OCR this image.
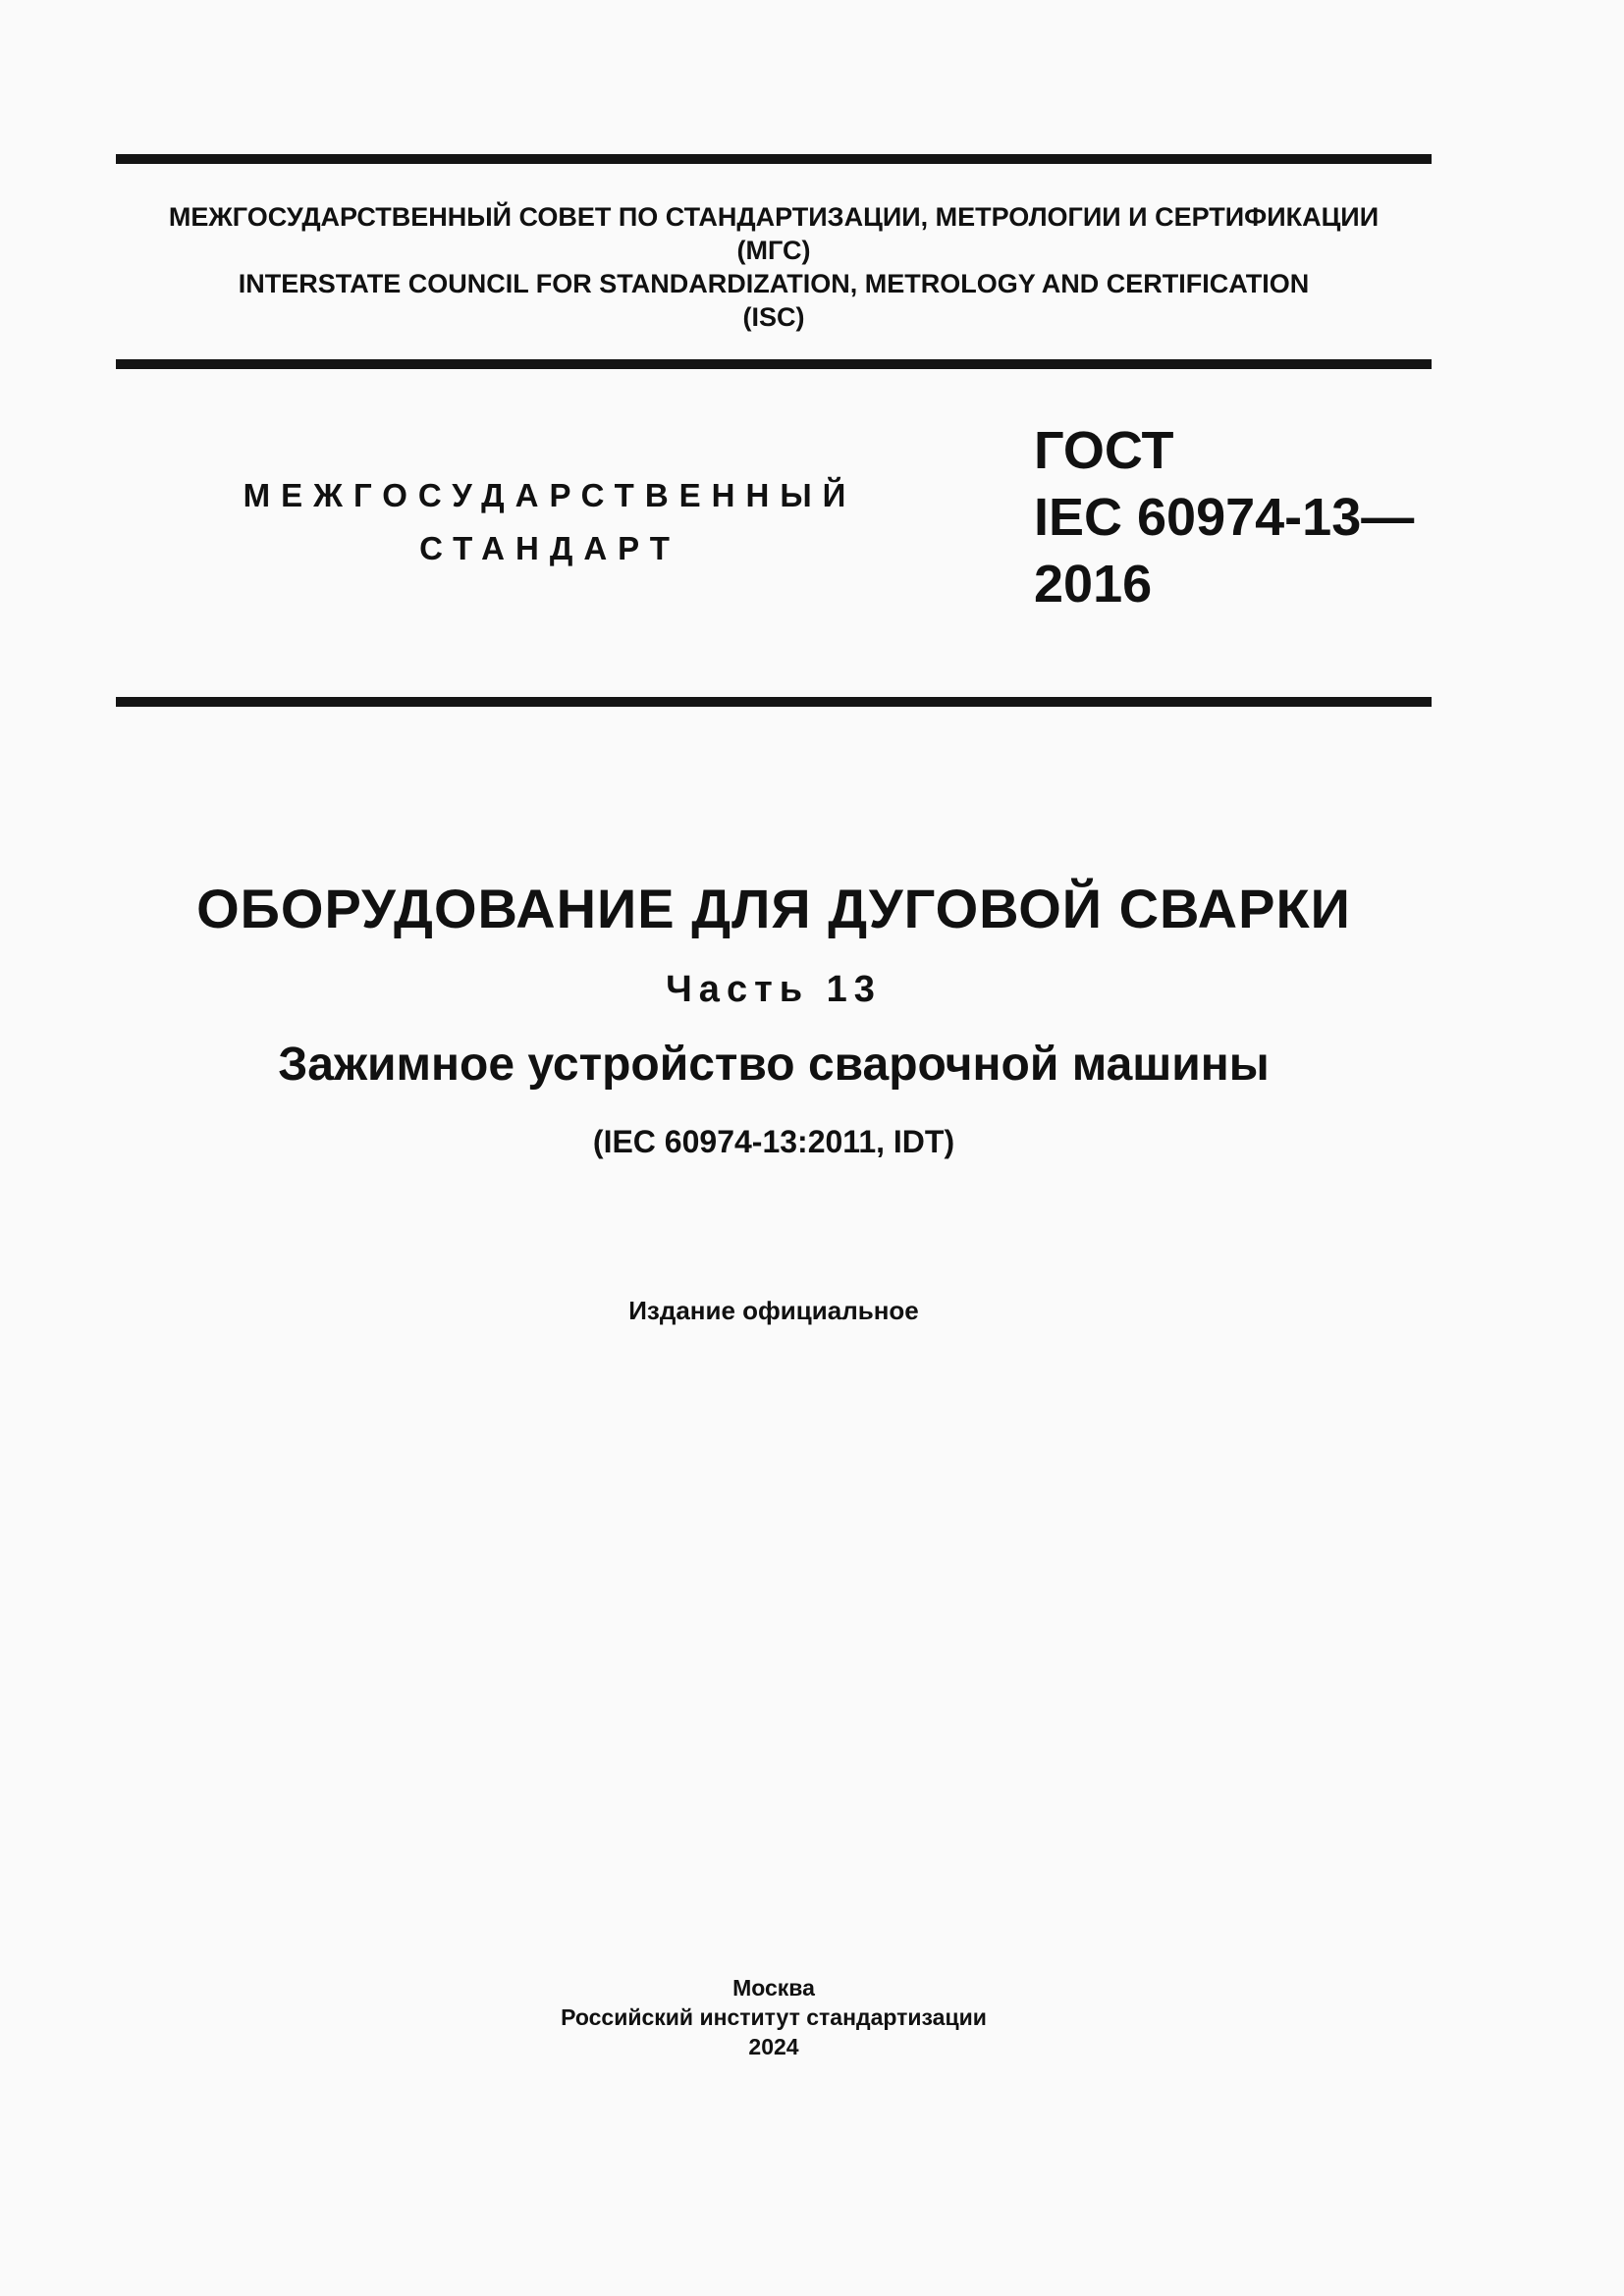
МЕЖГОСУДАРСТВЕННЫЙ СОВЕТ ПО СТАНДАРТИЗАЦИИ, МЕТРОЛОГИИ И СЕРТИФИКАЦИИ
(МГС)
INTERSTATE COUNCIL FOR STANDARDIZATION, METROLOGY AND CERTIFICATION
(ISC)
МЕЖГОСУДАРСТВЕННЫЙ
СТАНДАРТ
ГОСТ
IEC 60974-13—
2016
ОБОРУДОВАНИЕ ДЛЯ ДУГОВОЙ СВАРКИ
Часть 13
Зажимное устройство сварочной машины
(IEC 60974-13:2011, IDT)
Издание официальное
Москва
Российский институт стандартизации
2024
